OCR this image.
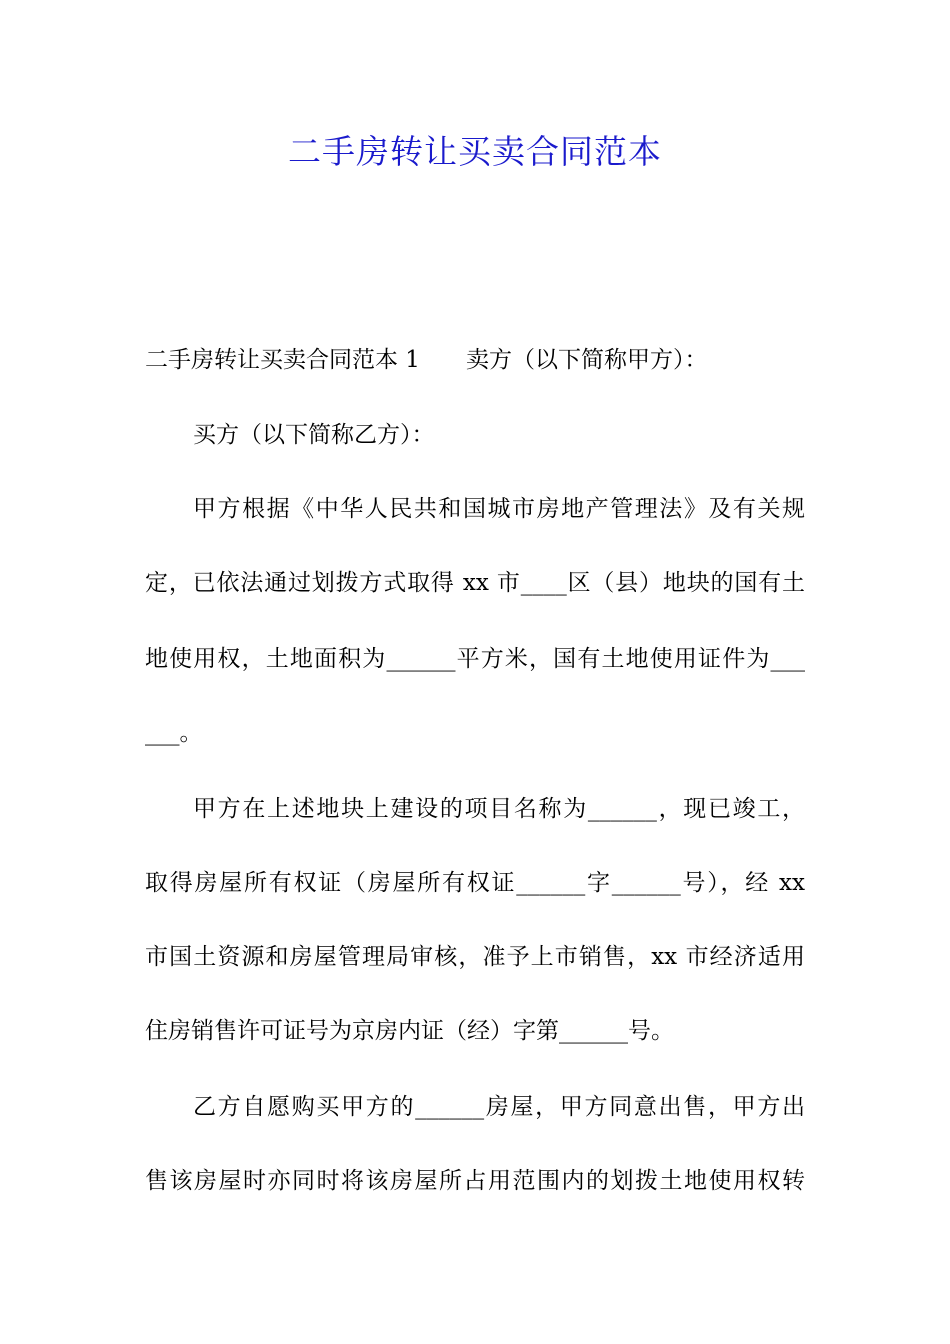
二手房转让买卖合同范本

二手房转让买卖合同范本 1 卖方（以下简称甲方）：

买方（以下简称乙方）：

甲方根据《中华人民共和国城市房地产管理法》及有关规

定，已依法通过划拨方式取得 xx 市____区（县）地块的国有土

地使用权，土地面积为______平方米，国有土地使用证件为___

___。

甲方在上述地块上建设的项目名称为______，现已竣工，

取得房屋所有权证（房屋所有权证______字______号），经 xx

市国土资源和房屋管理局审核，准予上市销售，xx 市经济适用

住房销售许可证号为京房内证（经）字第______号。

乙方自愿购买甲方的______房屋，甲方同意出售，甲方出

售该房屋时亦同时将该房屋所占用范围内的划拨土地使用权转
